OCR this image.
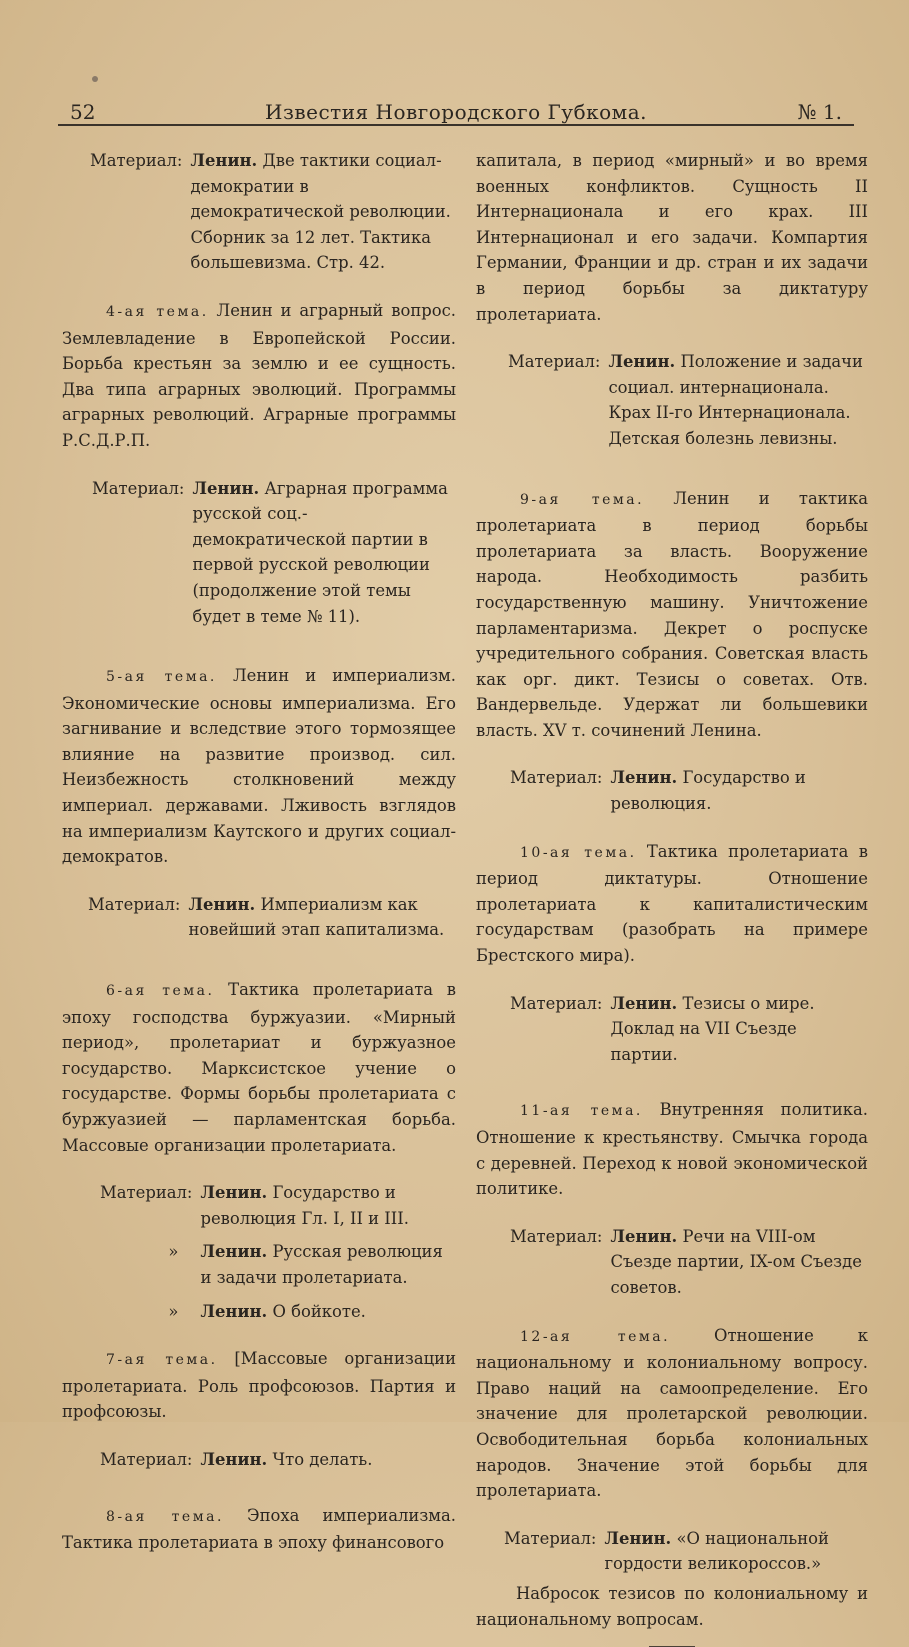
52	Известия Новгородского Губкома.	№ 1.
Материал: Ленин. Две тактики социал-демократии в демократической революции. Сборник за 12 лет. Тактика большевизма. Стр. 42.

4-ая тема. Ленин и аграрный вопрос. Землевладение в Европейской России. Борьба крестьян за землю и ее сущность. Два типа аграрных эволюций. Программы аграрных революций. Аграрные программы Р.С.Д.Р.П.

Материал: Ленин. Аграрная программа русской соц.-демократической партии в первой русской революции (продолжение этой темы будет в теме № 11).

5-ая тема. Ленин и империализм. Экономические основы империализма. Его загнивание и вследствие этого тормозящее влияние на развитие производ. сил. Неизбежность столкновений между империал. державами. Лживость взглядов на империализм Каутского и других социал-демократов.

Материал: Ленин. Империализм как новейший этап капитализма.

6-ая тема. Тактика пролетариата в эпоху господства буржуазии. «Мирный период», пролетариат и буржуазное государство. Марксистское учение о государстве. Формы борьбы пролетариата с буржуазией — парламентская борьба. Массовые организации пролетариата.

Материал: Ленин. Государство и революция Гл. I, II и III.
»	Ленин. Русская революция и задачи пролетариата.
»	Ленин. О бойкоте.

7-ая тема. [Массовые организации пролетариата. Роль профсоюзов. Партия и профсоюзы.

Материал: Ленин. Что делать.

8-ая тема. Эпоха империализма. Тактика пролетариата в эпоху финансового

капитала, в период «мирный» и во время военных конфликтов. Сущность II Интернационала и его крах. III Интернационал и его задачи. Компартия Германии, Франции и др. стран и их задачи в период борьбы за диктатуру пролетариата.

Материал: Ленин. Положение и задачи социал. интернационала. Крах II-го Интернационала. Детская болезнь левизны.

9-ая тема. Ленин и тактика пролетариата в период борьбы пролетариата за власть. Вооружение народа. Необходимость разбить государственную машину. Уничтожение парламентаризма. Декрет о роспуске учредительного собрания. Советская власть как орг. дикт. Тезисы о советах. Отв. Вандервельде. Удержат ли большевики власть. XV т. сочинений Ленина.

Материал: Ленин. Государство и революция.

10-ая тема. Тактика пролетариата в период диктатуры. Отношение пролетариата к капиталистическим государствам (разобрать на примере Брестского мира).

Материал: Ленин. Тезисы о мире. Доклад на VII Съезде партии.

11-ая тема. Внутренняя политика. Отношение к крестьянству. Смычка города с деревней. Переход к новой экономической политике.

Материал: Ленин. Речи на VIII-ом Съезде партии, IX-ом Съезде советов.

12-ая тема.	Отношение к национальному и колониальному вопросу. Право наций на самоопределение. Его значение для пролетарской революции. Освободительная борьба колониальных народов. Значение этой борьбы для пролетариата.

Материал: Ленин. «О национальной гордости великороссов.»

Набросок тезисов по колониальному и национальному вопросам.
